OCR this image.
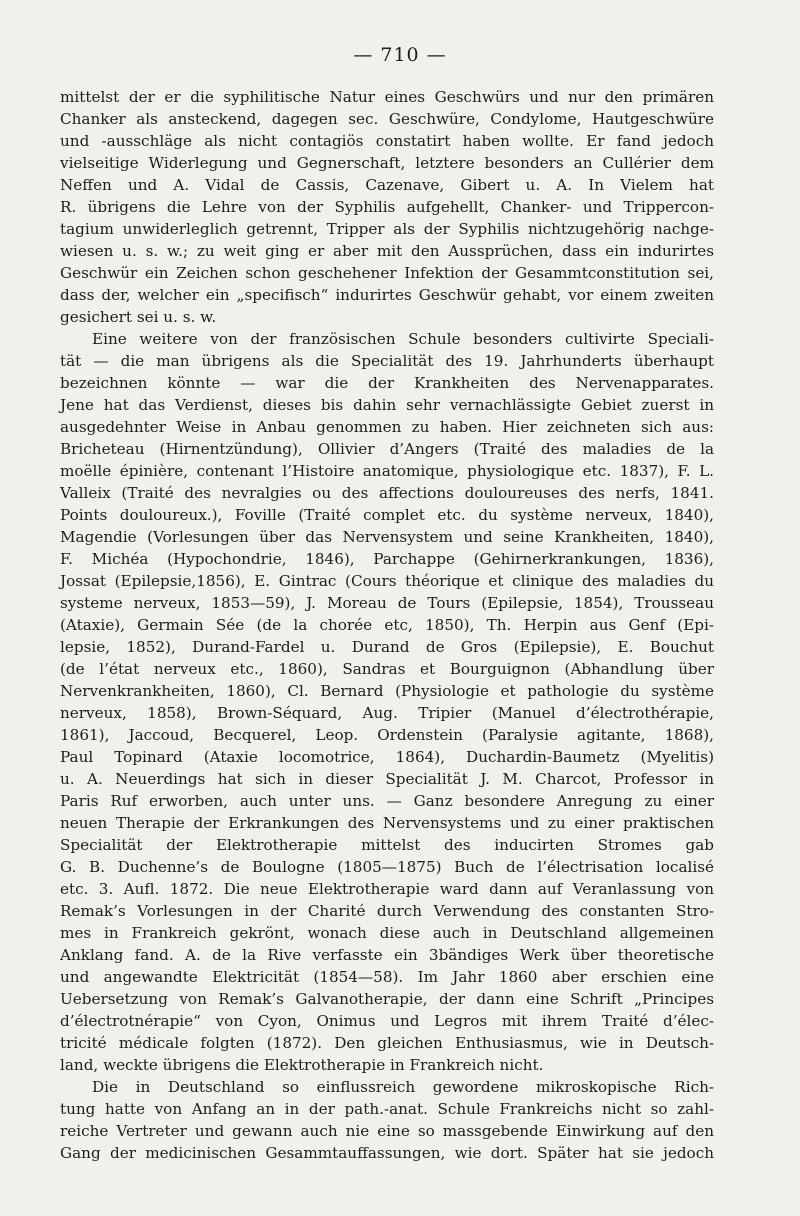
— 710 —
mittelst der er die syphilitische Natur eines Geschwürs und nur den primären
Chanker als ansteckend, dagegen sec. Geschwüre, Condylome, Hautgeschwüre
und -ausschläge als nicht contagiös constatirt haben wollte. Er fand jedoch
vielseitige Widerlegung und Gegnerschaft, letztere besonders an Cullérier dem
Neffen und A. Vidal de Cassis, Cazenave, Gibert u. A. In Vielem hat
R. übrigens die Lehre von der Syphilis aufgehellt, Chanker- und Trippercon-
tagium unwiderleglich getrennt, Tripper als der Syphilis nichtzugehörig nachge-
wiesen u. s. w.; zu weit ging er aber mit den Aussprüchen, dass ein indurirtes
Geschwür ein Zeichen schon geschehener Infektion der Gesammtconstitution sei,
dass der, welcher ein „specifisch“ indurirtes Geschwür gehabt, vor einem zweiten
gesichert sei u. s. w.
Eine weitere von der französischen Schule besonders cultivirte Speciali-
tät — die man übrigens als die Specialität des 19. Jahrhunderts überhaupt
bezeichnen könnte — war die der Krankheiten des Nervenapparates.
Jene hat das Verdienst, dieses bis dahin sehr vernachlässigte Gebiet zuerst in
ausgedehnter Weise in Anbau genommen zu haben. Hier zeichneten sich aus:
Bricheteau (Hirnentzündung), Ollivier d’Angers (Traité des maladies de la
moëlle épinière, contenant l’Histoire anatomique, physiologique etc. 1837), F. L.
Valleix (Traité des nevralgies ou des affections douloureuses des nerfs, 1841.
Points douloureux.), Foville (Traité complet etc. du système nerveux, 1840),
Magendie (Vorlesungen über das Nervensystem und seine Krankheiten, 1840),
F. Michéa (Hypochondrie, 1846), Parchappe (Gehirnerkrankungen, 1836),
Jossat (Epilepsie,1856), E. Gintrac (Cours théorique et clinique des maladies du
systeme nerveux, 1853—59), J. Moreau de Tours (Epilepsie, 1854), Trousseau
(Ataxie), Germain Sée (de la chorée etc, 1850), Th. Herpin aus Genf (Epi-
lepsie, 1852), Durand-Fardel u. Durand de Gros (Epilepsie), E. Bouchut
(de l’état nerveux etc., 1860), Sandras et Bourguignon (Abhandlung über
Nervenkrankheiten, 1860), Cl. Bernard (Physiologie et pathologie du système
nerveux, 1858), Brown-Séquard, Aug. Tripier (Manuel d’électrothérapie,
1861), Jaccoud, Becquerel, Leop. Ordenstein (Paralysie agitante, 1868),
Paul Topinard (Ataxie locomotrice, 1864), Duchardin-Baumetz (Myelitis)
u. A. Neuerdings hat sich in dieser Specialität J. M. Charcot, Professor in
Paris Ruf erworben, auch unter uns. — Ganz besondere Anregung zu einer
neuen Therapie der Erkrankungen des Nervensystems und zu einer praktischen
Specialität der Elektrotherapie mittelst des inducirten Stromes gab
G. B. Duchenne’s de Boulogne (1805—1875) Buch de l’électrisation localisé
etc. 3. Aufl. 1872. Die neue Elektrotherapie ward dann auf Veranlassung von
Remak’s Vorlesungen in der Charité durch Verwendung des constanten Stro-
mes in Frankreich gekrönt, wonach diese auch in Deutschland allgemeinen
Anklang fand. A. de la Rive verfasste ein 3bändiges Werk über theoretische
und angewandte Elektricität (1854—58). Im Jahr 1860 aber erschien eine
Uebersetzung von Remak’s Galvanotherapie, der dann eine Schrift „Principes
d’électrotnérapie“ von Cyon, Onimus und Legros mit ihrem Traité d’élec-
tricité médicale folgten (1872). Den gleichen Enthusiasmus, wie in Deutsch-
land, weckte übrigens die Elektrotherapie in Frankreich nicht.
Die in Deutschland so einflussreich gewordene mikroskopische Rich-
tung hatte von Anfang an in der path.-anat. Schule Frankreichs nicht so zahl-
reiche Vertreter und gewann auch nie eine so massgebende Einwirkung auf den
Gang der medicinischen Gesammtauffassungen, wie dort. Später hat sie jedoch
